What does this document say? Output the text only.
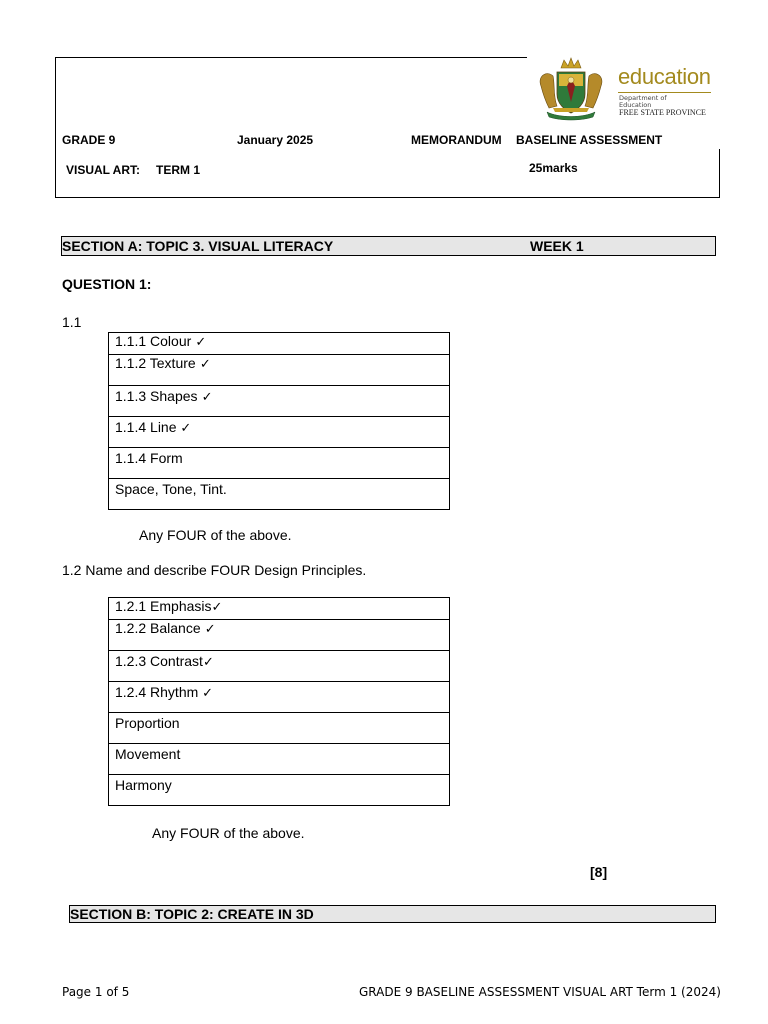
education
Department of
Education
FREE STATE PROVINCE
GRADE 9	January 2025	MEMORANDUM BASELINE ASSESSMENT
VISUAL ART: TERM 1	25marks
SECTION A: TOPIC 3. VISUAL LITERACY	WEEK 1
QUESTION 1:
1.1
1.1.1 Colour ✓
1.1.2 Texture ✓
1.1.3 Shapes ✓
1.1.4 Line ✓
1.1.4 Form
Space, Tone, Tint.
Any FOUR of the above.
1.2 Name and describe FOUR Design Principles.
1.2.1 Emphasis✓
1.2.2 Balance ✓
1.2.3 Contrast✓
1.2.4 Rhythm ✓
Proportion
Movement
Harmony
Any FOUR of the above.
[8]
SECTION B: TOPIC 2: CREATE IN 3D
Page 1 of 5	GRADE 9 BASELINE ASSESSMENT VISUAL ART Term 1 (2024)
